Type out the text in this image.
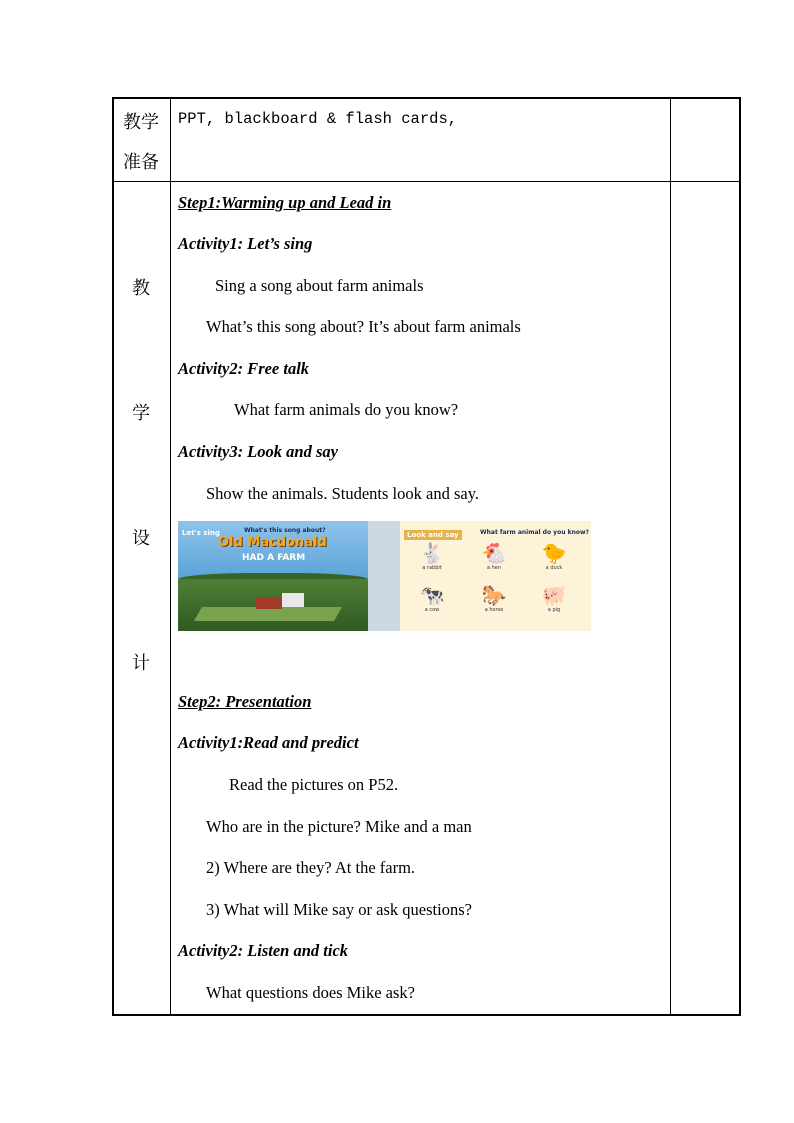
教学
准备
PPT, blackboard & flash cards,
教
学
设
计
Step1:Warming up and Lead in
Activity1: Let’s sing
Sing a song about farm animals
What’s this song about? It’s about farm animals
Activity2: Free talk
What farm animals do you know?
Activity3: Look and say
Show the animals. Students look and say.
Let's sing	What's this song about?
Old Macdonald
HAD A FARM
Look and say	What farm animal do you know?
🐇
a rabbit
🐔
a hen
🐤
a duck
🐄
a cow
🐎
a horse
🐖
a pig
Step2: Presentation
Activity1:Read and predict
Read the pictures on P52.
Who are in the picture? Mike and a man
2) Where are they? At the farm.
3) What will Mike say or ask questions?
Activity2: Listen and tick
What questions does Mike ask?
